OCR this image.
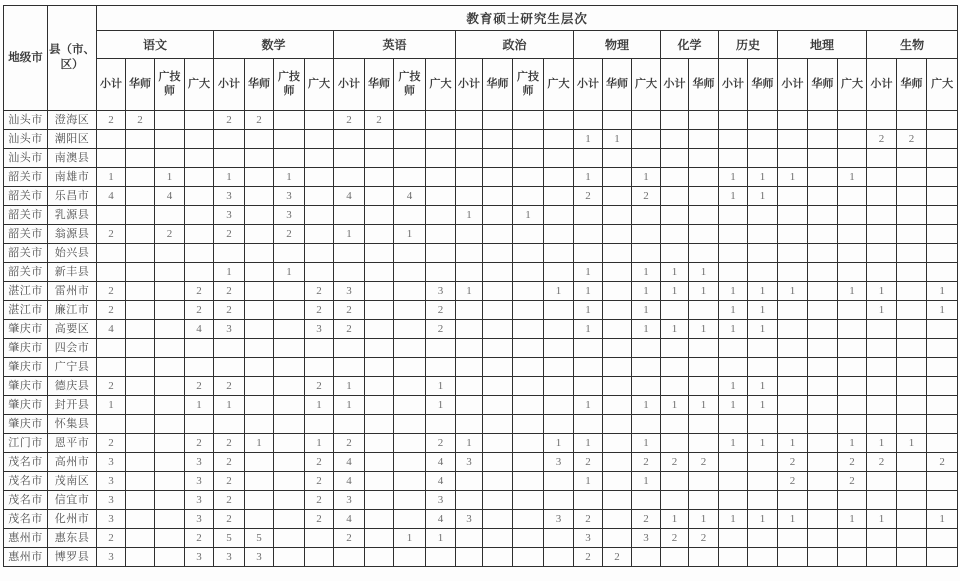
地级市	县（市、区）	教育硕士研究生层次																												
		语文				数学				英语				政治				物理			化学		历史		地理			生物		
		小计	华师	广技师	广大	小计	华师	广技师	广大	小计	华师	广技师	广大	小计	华师	广技师	广大	小计	华师	广大	小计	华师	小计	华师	小计	华师	广大	小计	华师	广大
汕头市	澄海区	2	2			2	2			2	2																			
汕头市	潮阳区																	1	1									2	2	
汕头市	南澳县																													
韶关市	南雄市	1		1		1		1										1		1			1	1	1		1			
韶关市	乐昌市	4		4		3		3		4		4						2		2			1	1						
韶关市	乳源县					3		3						1		1														
韶关市	翁源县	2		2		2		2		1		1																		
韶关市	始兴县																													
韶关市	新丰县					1		1										1		1	1	1								
湛江市	雷州市	2			2	2			2	3			3	1			1	1		1	1	1	1	1	1		1	1		1
湛江市	廉江市	2			2	2			2	2			2					1		1			1	1				1		1
肇庆市	高要区	4			4	3			3	2			2					1		1	1	1	1	1						
肇庆市	四会市																													
肇庆市	广宁县																													
肇庆市	德庆县	2			2	2			2	1			1										1	1						
肇庆市	封开县	1			1	1			1	1			1					1		1	1	1	1	1						
肇庆市	怀集县																													
江门市	恩平市	2			2	2	1		1	2			2	1			1	1		1			1	1	1		1	1	1	
茂名市	高州市	3			3	2			2	4			4	3			3	2		2	2	2			2		2	2		2
茂名市	茂南区	3			3	2			2	4			4					1		1					2		2			
茂名市	信宜市	3			3	2			2	3			3																	
茂名市	化州市	3			3	2			2	4			4	3			3	2		2	1	1	1	1	1		1	1		1
惠州市	惠东县	2			2	5	5			2		1	1					3		3	2	2								
惠州市	博罗县	3			3	3	3											2	2											
